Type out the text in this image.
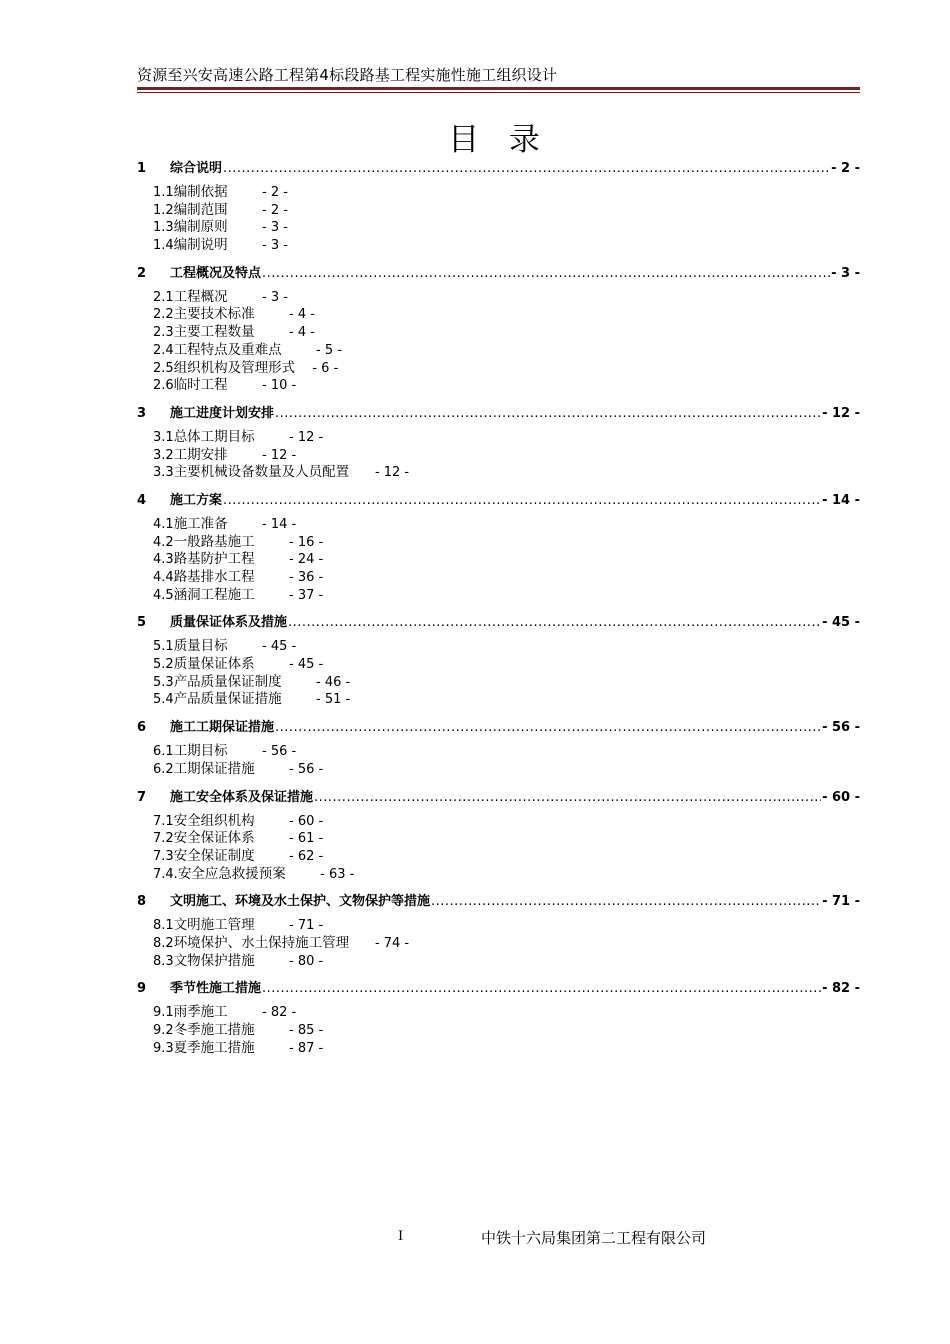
资源至兴安高速公路工程第4标段路基工程实施性施工组织设计
目 录
1	综合说明 .....	- 2 -
1.1编制依据	- 2 -
1.2编制范围	- 2 -
1.3编制原则	- 3 -
1.4编制说明	- 3 -
2	工程概况及特点 .....	- 3 -
2.1工程概况	- 3 -
2.2主要技术标准	- 4 -
2.3主要工程数量	- 4 -
2.4工程特点及重难点	- 5 -
2.5组织机构及管理形式 - 6 -
2.6临时工程	- 10 -
3	施工进度计划安排 .....	- 12 -
3.1总体工期目标	- 12 -
3.2工期安排	- 12 -
3.3主要机械设备数量及人员配置 - 12 -
4	施工方案 .....	- 14 -
4.1施工准备	- 14 -
4.2一般路基施工	- 16 -
4.3路基防护工程	- 24 -
4.4路基排水工程	- 36 -
4.5涵洞工程施工	- 37 -
5	质量保证体系及措施 .....	- 45 -
5.1质量目标	- 45 -
5.2质量保证体系	- 45 -
5.3产品质量保证制度	- 46 -
5.4产品质量保证措施	- 51 -
6	施工工期保证措施 .....	- 56 -
6.1工期目标	- 56 -
6.2工期保证措施	- 56 -
7	施工安全体系及保证措施 .....	- 60 -
7.1安全组织机构	- 60 -
7.2安全保证体系	- 61 -
7.3安全保证制度	- 62 -
7.4.安全应急救援预案	- 63 -
8	文明施工、环境及水土保护、文物保护等措施 .....	- 71 -
8.1文明施工管理	- 71 -
8.2环境保护、水土保持施工管理 - 74 -
8.3文物保护措施	- 80 -
9	季节性施工措施 .....	- 82 -
9.1雨季施工	- 82 -
9.2冬季施工措施	- 85 -
9.3夏季施工措施	- 87 -
I	中铁十六局集团第二工程有限公司
